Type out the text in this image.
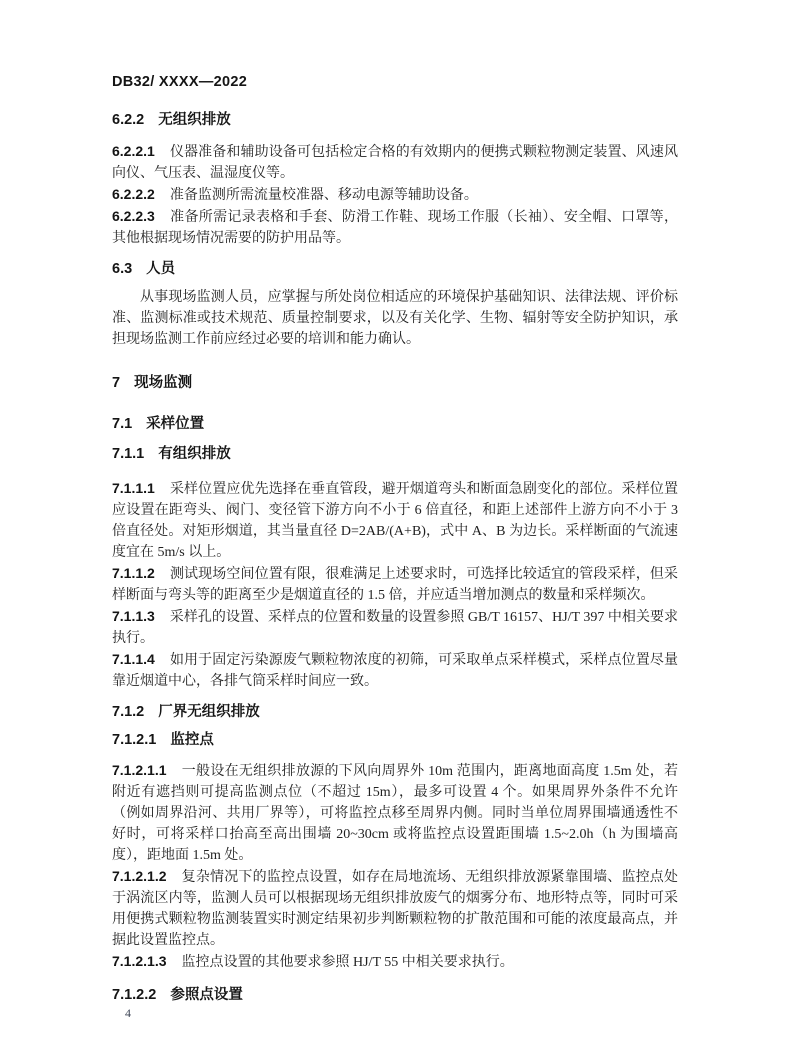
DB32/ XXXX—2022
6.2.2 无组织排放

6.2.2.1 仪器准备和辅助设备可包括检定合格的有效期内的便携式颗粒物测定装置、风速风向仪、气压表、温湿度仪等。

6.2.2.2 准备监测所需流量校准器、移动电源等辅助设备。

6.2.2.3 准备所需记录表格和手套、防滑工作鞋、现场工作服（长袖）、安全帽、口罩等，其他根据现场情况需要的防护用品等。

6.3 人员

从事现场监测人员，应掌握与所处岗位相适应的环境保护基础知识、法律法规、评价标准、监测标准或技术规范、质量控制要求，以及有关化学、生物、辐射等安全防护知识，承担现场监测工作前应经过必要的培训和能力确认。

7 现场监测
7.1 采样位置
7.1.1 有组织排放

7.1.1.1 采样位置应优先选择在垂直管段，避开烟道弯头和断面急剧变化的部位。采样位置应设置在距弯头、阀门、变径管下游方向不小于 6 倍直径，和距上述部件上游方向不小于 3 倍直径处。对矩形烟道，其当量直径 D=2AB/(A+B)，式中 A、B 为边长。采样断面的气流速度宜在 5m/s 以上。

7.1.1.2 测试现场空间位置有限，很难满足上述要求时，可选择比较适宜的管段采样，但采样断面与弯头等的距离至少是烟道直径的 1.5 倍，并应适当增加测点的数量和采样频次。

7.1.1.3 采样孔的设置、采样点的位置和数量的设置参照 GB/T 16157、HJ/T 397 中相关要求执行。

7.1.1.4 如用于固定污染源废气颗粒物浓度的初筛，可采取单点采样模式，采样点位置尽量靠近烟道中心，各排气筒采样时间应一致。

7.1.2 厂界无组织排放
7.1.2.1 监控点

7.1.2.1.1 一般设在无组织排放源的下风向周界外 10m 范围内，距离地面高度 1.5m 处，若附近有遮挡则可提高监测点位（不超过 15m），最多可设置 4 个。如果周界外条件不允许（例如周界沿河、共用厂界等），可将监控点移至周界内侧。同时当单位周界围墙通透性不好时，可将采样口抬高至高出围墙 20~30cm 或将监控点设置距围墙 1.5~2.0h（h 为围墙高度），距地面 1.5m 处。

7.1.2.1.2 复杂情况下的监控点设置，如存在局地流场、无组织排放源紧靠围墙、监控点处于涡流区内等，监测人员可以根据现场无组织排放废气的烟雾分布、地形特点等，同时可采用便携式颗粒物监测装置实时测定结果初步判断颗粒物的扩散范围和可能的浓度最高点，并据此设置监控点。

7.1.2.1.3 监控点设置的其他要求参照 HJ/T 55 中相关要求执行。

7.1.2.2 参照点设置
4
